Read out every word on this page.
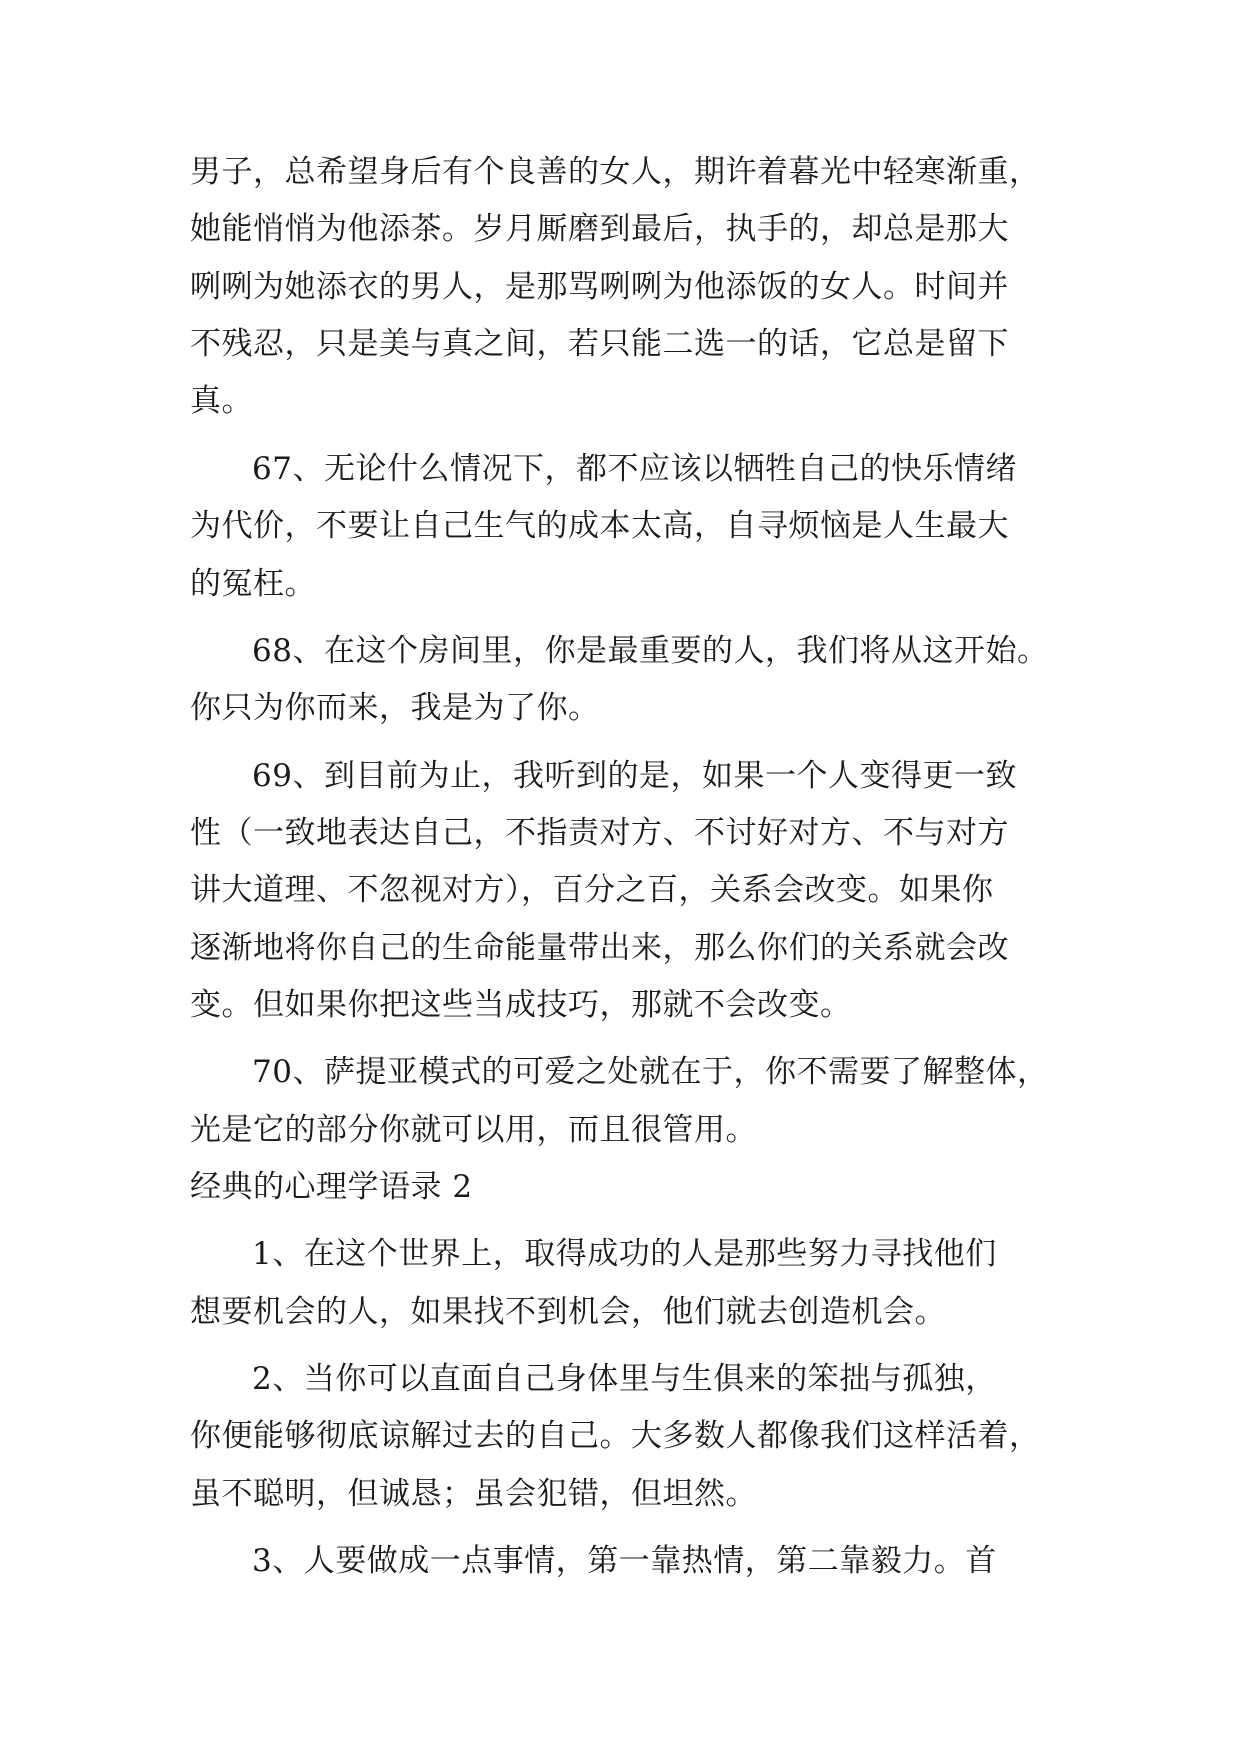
男子，总希望身后有个良善的女人，期许着暮光中轻寒渐重，
她能悄悄为他添茶。岁月厮磨到最后，执手的，却总是那大
咧咧为她添衣的男人，是那骂咧咧为他添饭的女人。时间并
不残忍，只是美与真之间，若只能二选一的话，它总是留下
真。
67、无论什么情况下，都不应该以牺牲自己的快乐情绪
为代价，不要让自己生气的成本太高，自寻烦恼是人生最大
的冤枉。
68、在这个房间里，你是最重要的人，我们将从这开始。
你只为你而来，我是为了你。
69、到目前为止，我听到的是，如果一个人变得更一致
性（一致地表达自己，不指责对方、不讨好对方、不与对方
讲大道理、不忽视对方），百分之百，关系会改变。如果你
逐渐地将你自己的生命能量带出来，那么你们的关系就会改
变。但如果你把这些当成技巧，那就不会改变。
70、萨提亚模式的可爱之处就在于，你不需要了解整体，
光是它的部分你就可以用，而且很管用。
经典的心理学语录 2
1、在这个世界上，取得成功的人是那些努力寻找他们
想要机会的人，如果找不到机会，他们就去创造机会。
2、当你可以直面自己身体里与生俱来的笨拙与孤独，
你便能够彻底谅解过去的自己。大多数人都像我们这样活着，
虽不聪明，但诚恳；虽会犯错，但坦然。
3、人要做成一点事情，第一靠热情，第二靠毅力。首
